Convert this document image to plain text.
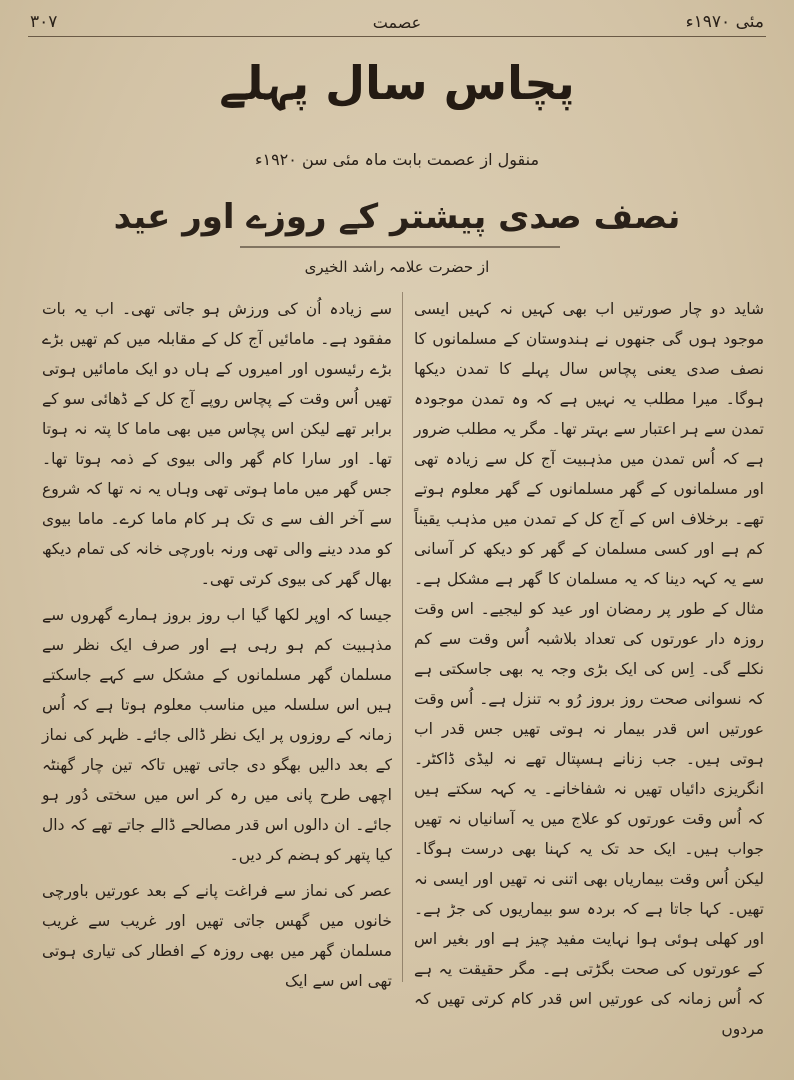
۳۰۷	عصمت	مئی ۱۹۷۰ء
پچاس سال پہلے
منقول از عصمت بابت ماہ مئی سن ۱۹۲۰ء
نصف صدی پیشتر کے روزے اور عید
از حضرت علامہ راشد الخیری

شاید دو چار صورتیں اب بھی کہیں نہ کہیں ایسی موجود ہوں گی جنھوں نے ہندوستان کے مسلمانوں کا نصف صدی یعنی پچاس سال پہلے کا تمدن دیکھا ہوگا۔ میرا مطلب یہ نہیں ہے کہ وہ تمدن موجودہ تمدن سے ہر اعتبار سے بہتر تھا۔ مگر یہ مطلب ضرور ہے کہ اُس تمدن میں مذہبیت آج کل سے زیادہ تھی اور مسلمانوں کے گھر مسلمانوں کے گھر معلوم ہوتے تھے۔ برخلاف اس کے آج کل کے تمدن میں مذہب یقیناً کم ہے اور کسی مسلمان کے گھر کو دیکھ کر آسانی سے یہ کہہ دینا کہ یہ مسلمان کا گھر ہے مشکل ہے۔ مثال کے طور پر رمضان اور عید کو لیجیے۔ اس وقت روزہ دار عورتوں کی تعداد بلاشبہ اُس وقت سے کم نکلے گی۔ اِس کی ایک بڑی وجہ یہ بھی جاسکتی ہے کہ نسوانی صحت روز بروز رُو بہ تنزل ہے۔ اُس وقت عورتیں اس قدر بیمار نہ ہوتی تھیں جس قدر اب ہوتی ہیں۔ جب زنانے ہسپتال تھے نہ لیڈی ڈاکٹر۔ انگریزی دائیاں تھیں نہ شفاخانے۔ یہ کہہ سکتے ہیں کہ اُس وقت عورتوں کو علاج میں یہ آسانیاں نہ تھیں جواب ہیں۔ ایک حد تک یہ کہنا بھی درست ہوگا۔ لیکن اُس وقت بیماریاں بھی اتنی نہ تھیں اور ایسی نہ تھیں۔ کہا جاتا ہے کہ بردہ سو بیماریوں کی جڑ ہے۔ اور کھلی ہوئی ہوا نہایت مفید چیز ہے اور بغیر اس کے عورتوں کی صحت بگڑتی ہے۔ مگر حقیقت یہ ہے کہ اُس زمانہ کی عورتیں اس قدر کام کرتی تھیں کہ مردوں

سے زیادہ اُن کی ورزش ہو جاتی تھی۔ اب یہ بات مفقود ہے۔ مامائیں آج کل کے مقابلہ میں کم تھیں بڑے بڑے رئیسوں اور امیروں کے ہاں دو ایک مامائیں ہوتی تھیں اُس وقت کے پچاس روپے آج کل کے ڈھائی سو کے برابر تھے لیکن اس پچاس میں بھی ماما کا پتہ نہ ہوتا تھا۔ اور سارا کام گھر والی بیوی کے ذمہ ہوتا تھا۔ جس گھر میں ماما ہوتی تھی وہاں یہ نہ تھا کہ شروع سے آخر الف سے ی تک ہر کام ماما کرے۔ ماما بیوی کو مدد دینے والی تھی ورنہ باورچی خانہ کی تمام دیکھ بھال گھر کی بیوی کرتی تھی۔

جیسا کہ اوپر لکھا گیا اب روز بروز ہمارے گھروں سے مذہبیت کم ہو رہی ہے اور صرف ایک نظر سے مسلمان گھر مسلمانوں کے مشکل سے کہے جاسکتے ہیں اس سلسلہ میں مناسب معلوم ہوتا ہے کہ اُس زمانہ کے روزوں پر ایک نظر ڈالی جائے۔ ظہر کی نماز کے بعد دالیں بھگو دی جاتی تھیں تاکہ تین چار گھنٹہ اچھی طرح پانی میں رہ کر اس میں سختی دُور ہو جائے۔ ان دالوں اس قدر مصالحے ڈالے جاتے تھے کہ دال کیا پتھر کو ہضم کر دیں۔

عصر کی نماز سے فراغت پانے کے بعد عورتیں باورچی خانوں میں گھس جاتی تھیں اور غریب سے غریب مسلمان گھر میں بھی روزہ کے افطار کی تیاری ہوتی تھی اس سے ایک
